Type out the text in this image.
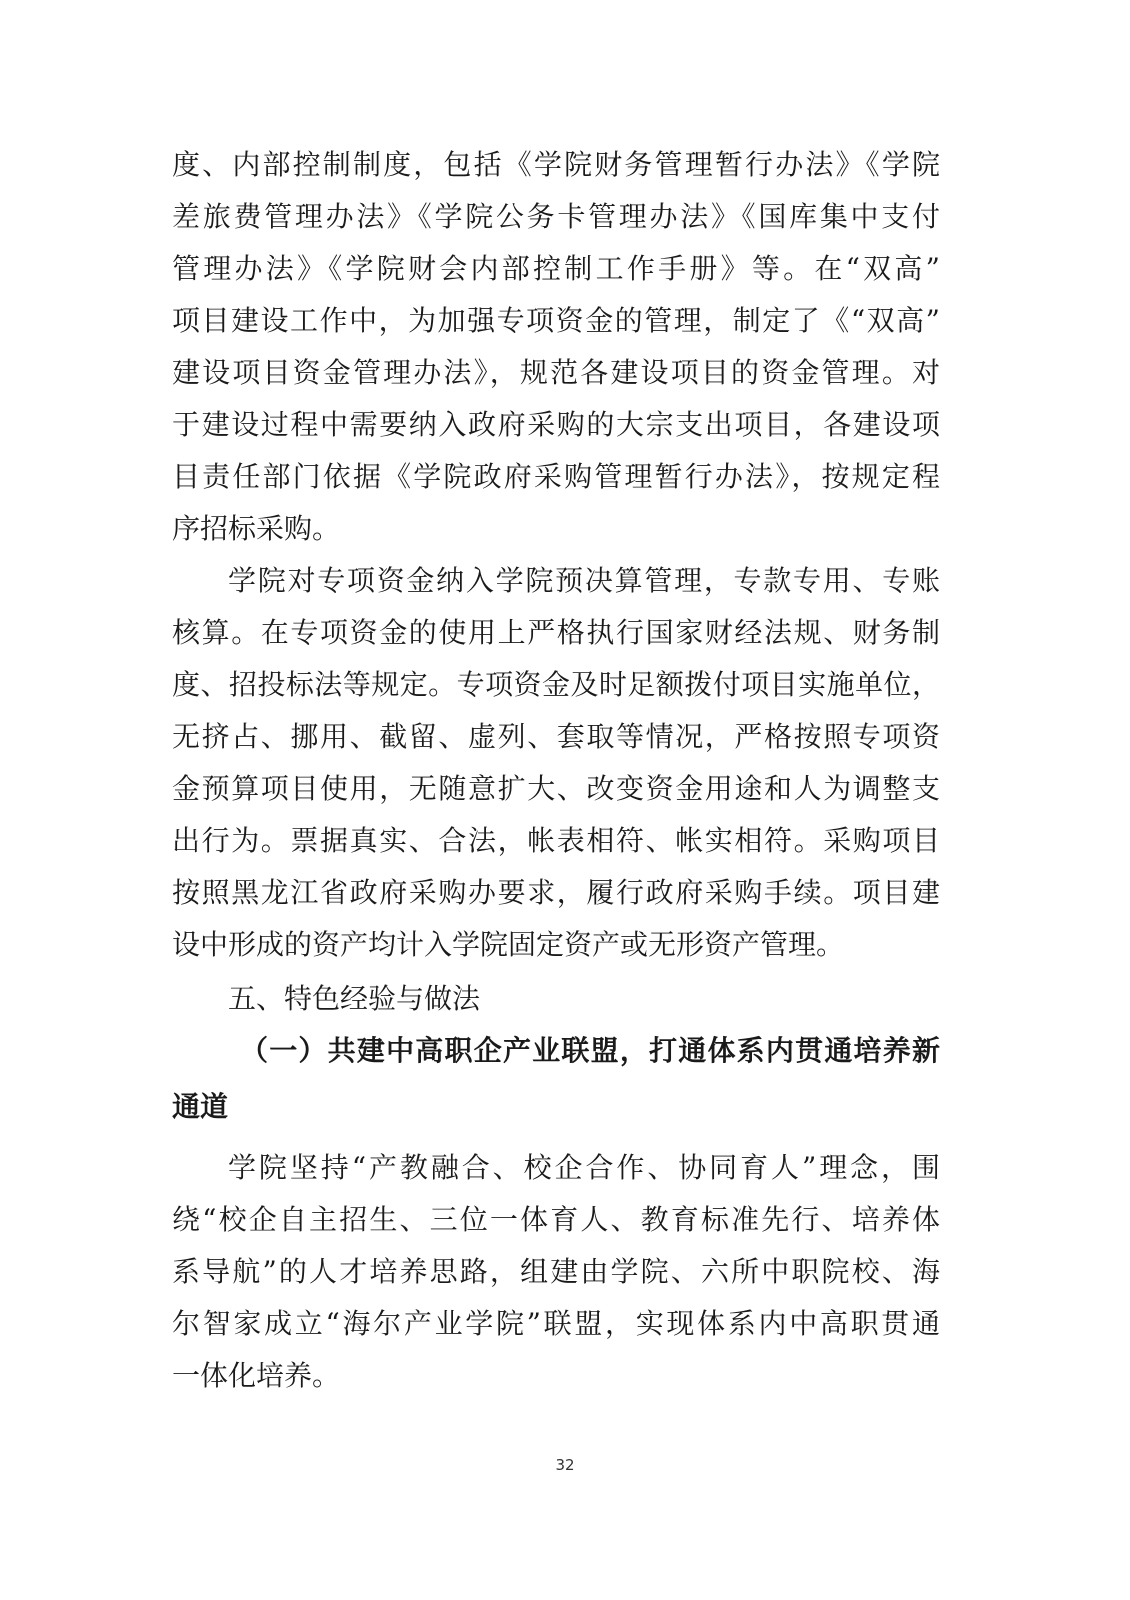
度、内部控制制度，包括《学院财务管理暂行办法》《学院
差旅费管理办法》《学院公务卡管理办法》《国库集中支付
管理办法》《学院财会内部控制工作手册》等。在“双高”
项目建设工作中，为加强专项资金的管理，制定了《“双高”
建设项目资金管理办法》，规范各建设项目的资金管理。对
于建设过程中需要纳入政府采购的大宗支出项目，各建设项
目责任部门依据《学院政府采购管理暂行办法》，按规定程
序招标采购。
学院对专项资金纳入学院预决算管理，专款专用、专账
核算。在专项资金的使用上严格执行国家财经法规、财务制
度、招投标法等规定。专项资金及时足额拨付项目实施单位，
无挤占、挪用、截留、虚列、套取等情况，严格按照专项资
金预算项目使用，无随意扩大、改变资金用途和人为调整支
出行为。票据真实、合法，帐表相符、帐实相符。采购项目
按照黑龙江省政府采购办要求，履行政府采购手续。项目建
设中形成的资产均计入学院固定资产或无形资产管理。
五、特色经验与做法
（一）共建中高职企产业联盟，打通体系内贯通培养新
通道
学院坚持“产教融合、校企合作、协同育人”理念，围
绕“校企自主招生、三位一体育人、教育标准先行、培养体
系导航”的人才培养思路，组建由学院、六所中职院校、海
尔智家成立“海尔产业学院”联盟，实现体系内中高职贯通
一体化培养。
32
